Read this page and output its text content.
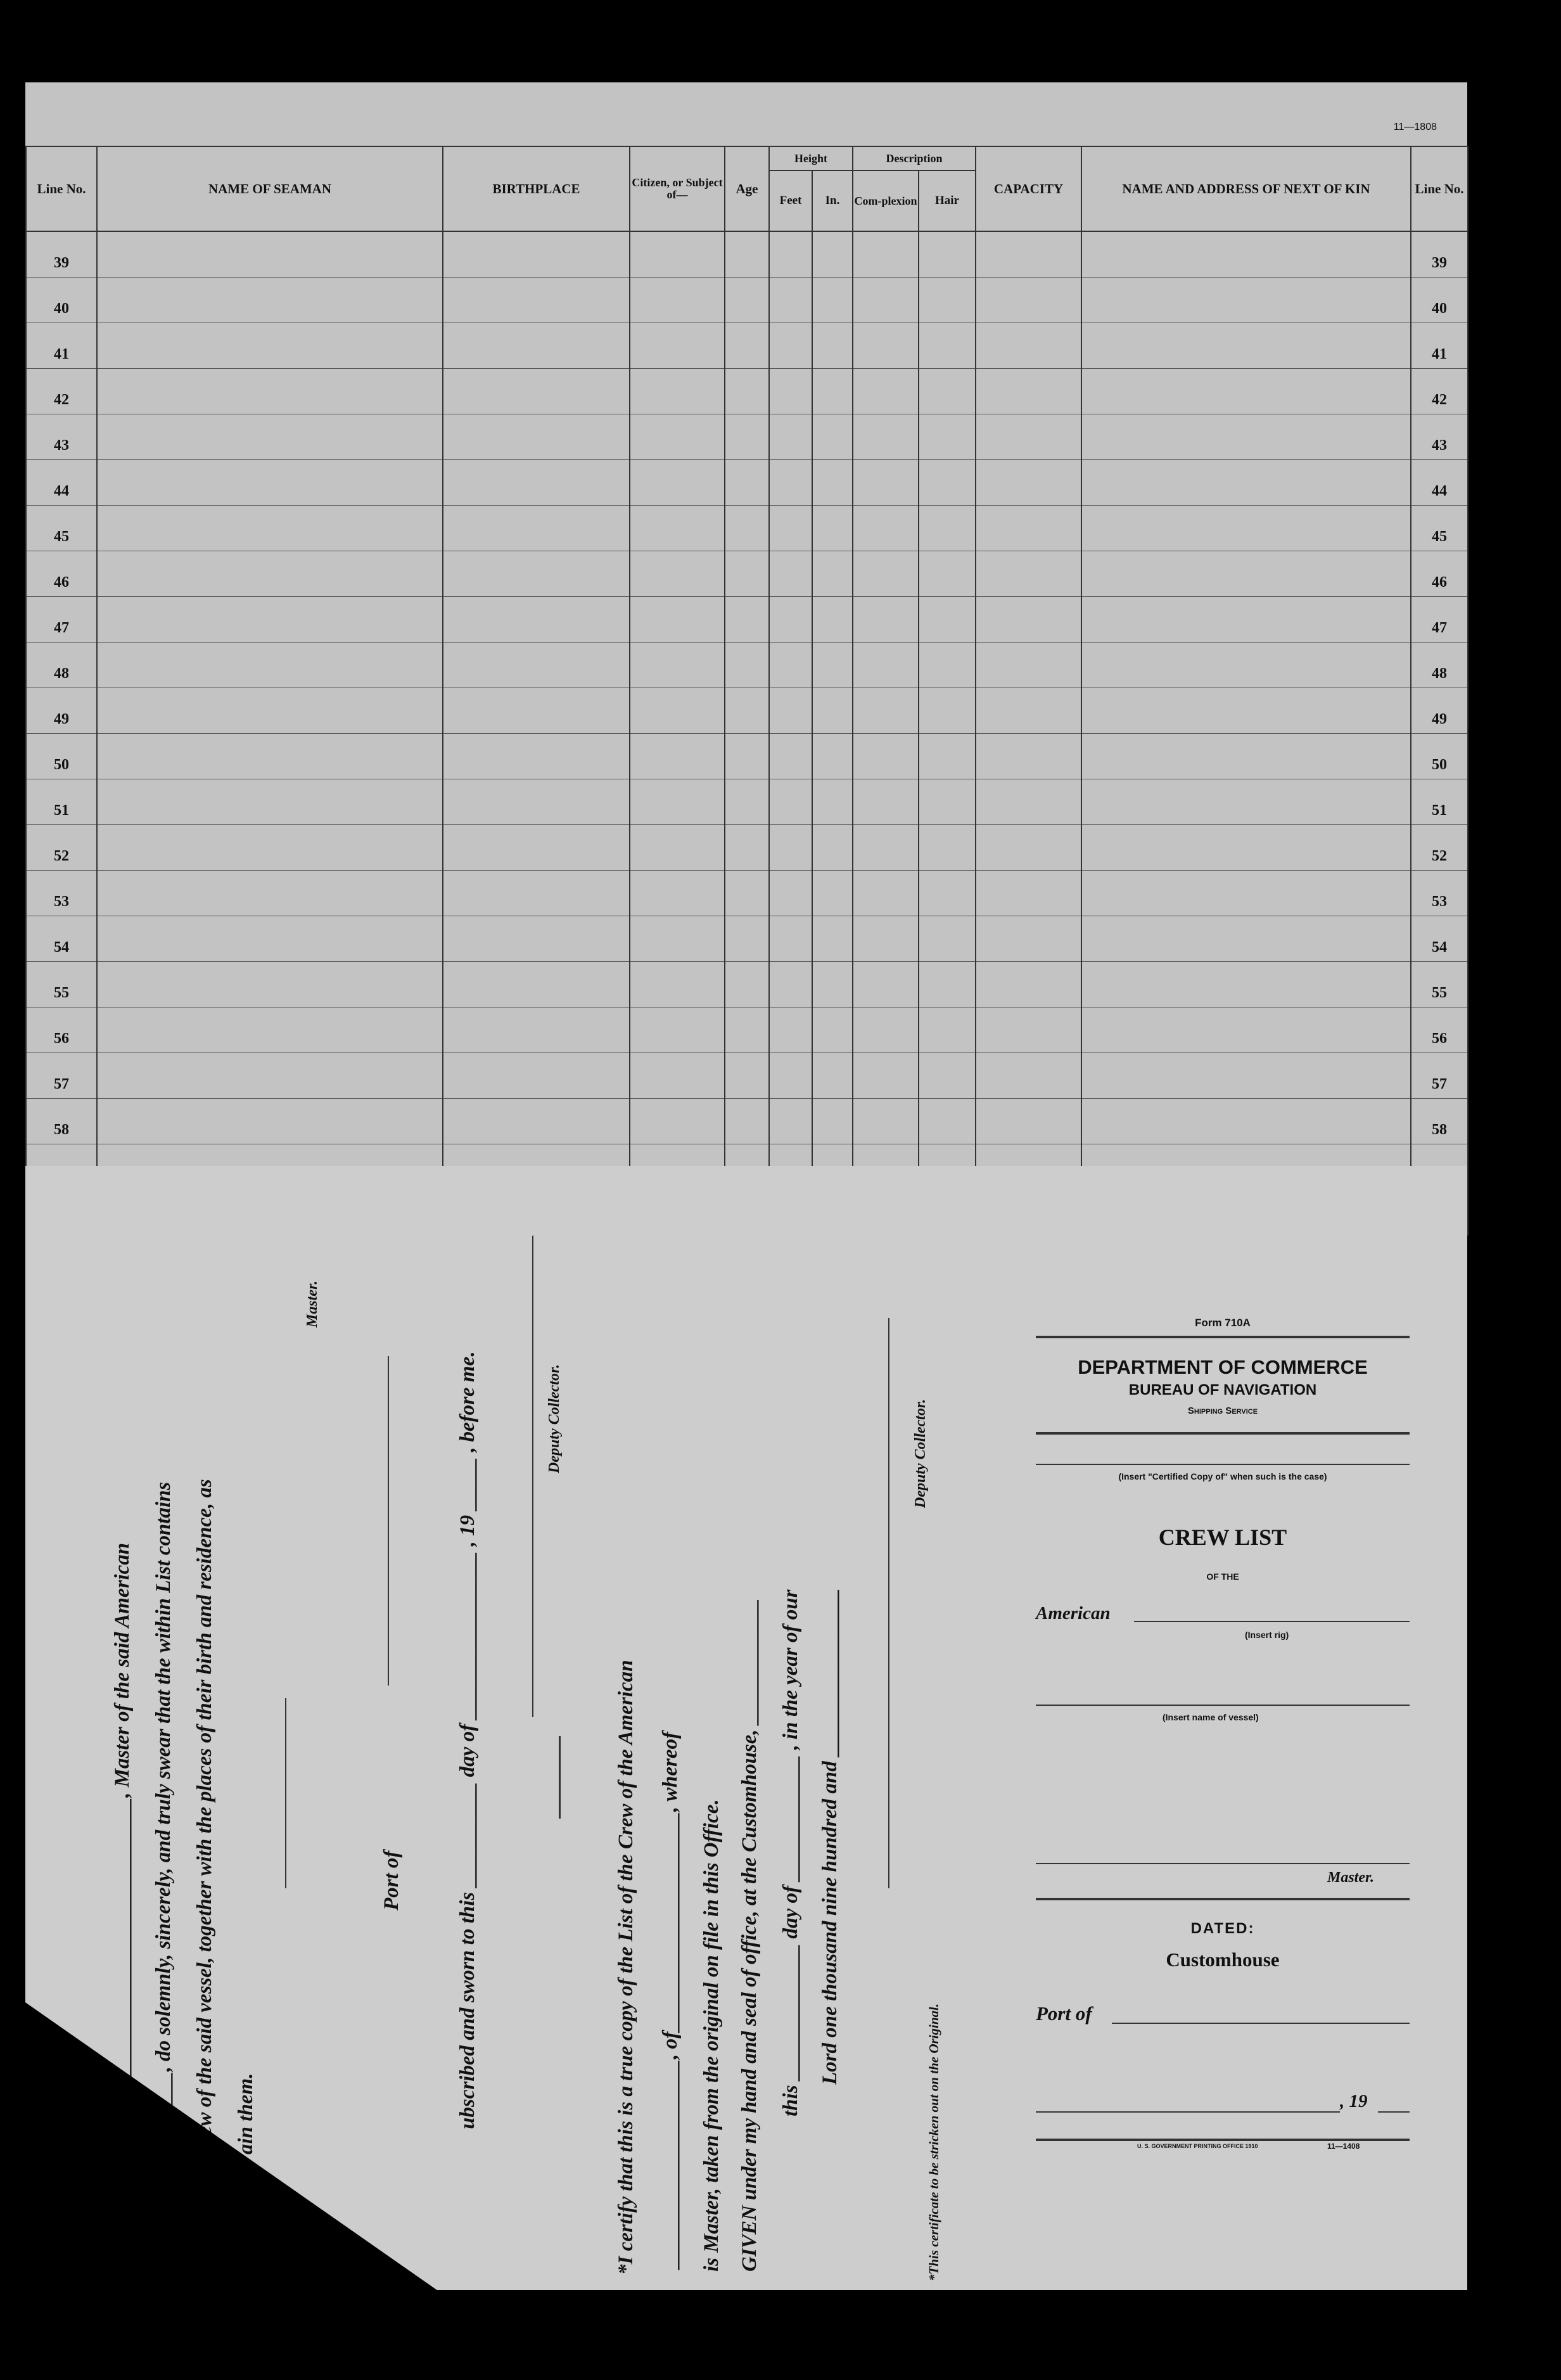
11—1808
Line No.	NAME OF SEAMAN	BIRTHPLACE	Citizen, or Subject of—	Age	Height		Description		CAPACITY	NAME AND ADDRESS OF NEXT OF KIN	Line No.
					Feet	In.	Com-plexion	Hair			
39											39
40											40
41											41
42											42
43											43
44											44
45											45
46											46
47											47
48											48
49											49
50											50
51											51
52											52
53											53
54											54
55											55
56											56
57											57
58											58

________________________________, Master of the said American
_______, do solemnly, sincerely, and truly swear that the within List contains Crew of the said vessel, together with the places of their birth and residence, as ain them.
Master.
Port of
ubscribed and sworn to this __________ day of ________________ , 19 _____ , before me.	Deputy Collector.
*I certify that this is a true copy of the List of the Crew of the American ____________________, of_____________________, whereof
is Master, taken from the original on file in this Office. GIVEN under my hand and seal of office, at the Customhouse, ____________
this _____________ day of ____________ , in the year of our
Lord one thousand nine hundred and ________________
Deputy Collector.
*This certificate to be stricken out on the Original.
Form 710A
DEPARTMENT OF COMMERCE
BUREAU OF NAVIGATION
Shipping Service
(Insert "Certified Copy of" when such is the case)
CREW LIST
OF THE
American
(Insert rig)
(Insert name of vessel)
Master.
DATED:
Customhouse
Port of
, 19
U. S. GOVERNMENT PRINTING OFFICE 1910	11—1408
